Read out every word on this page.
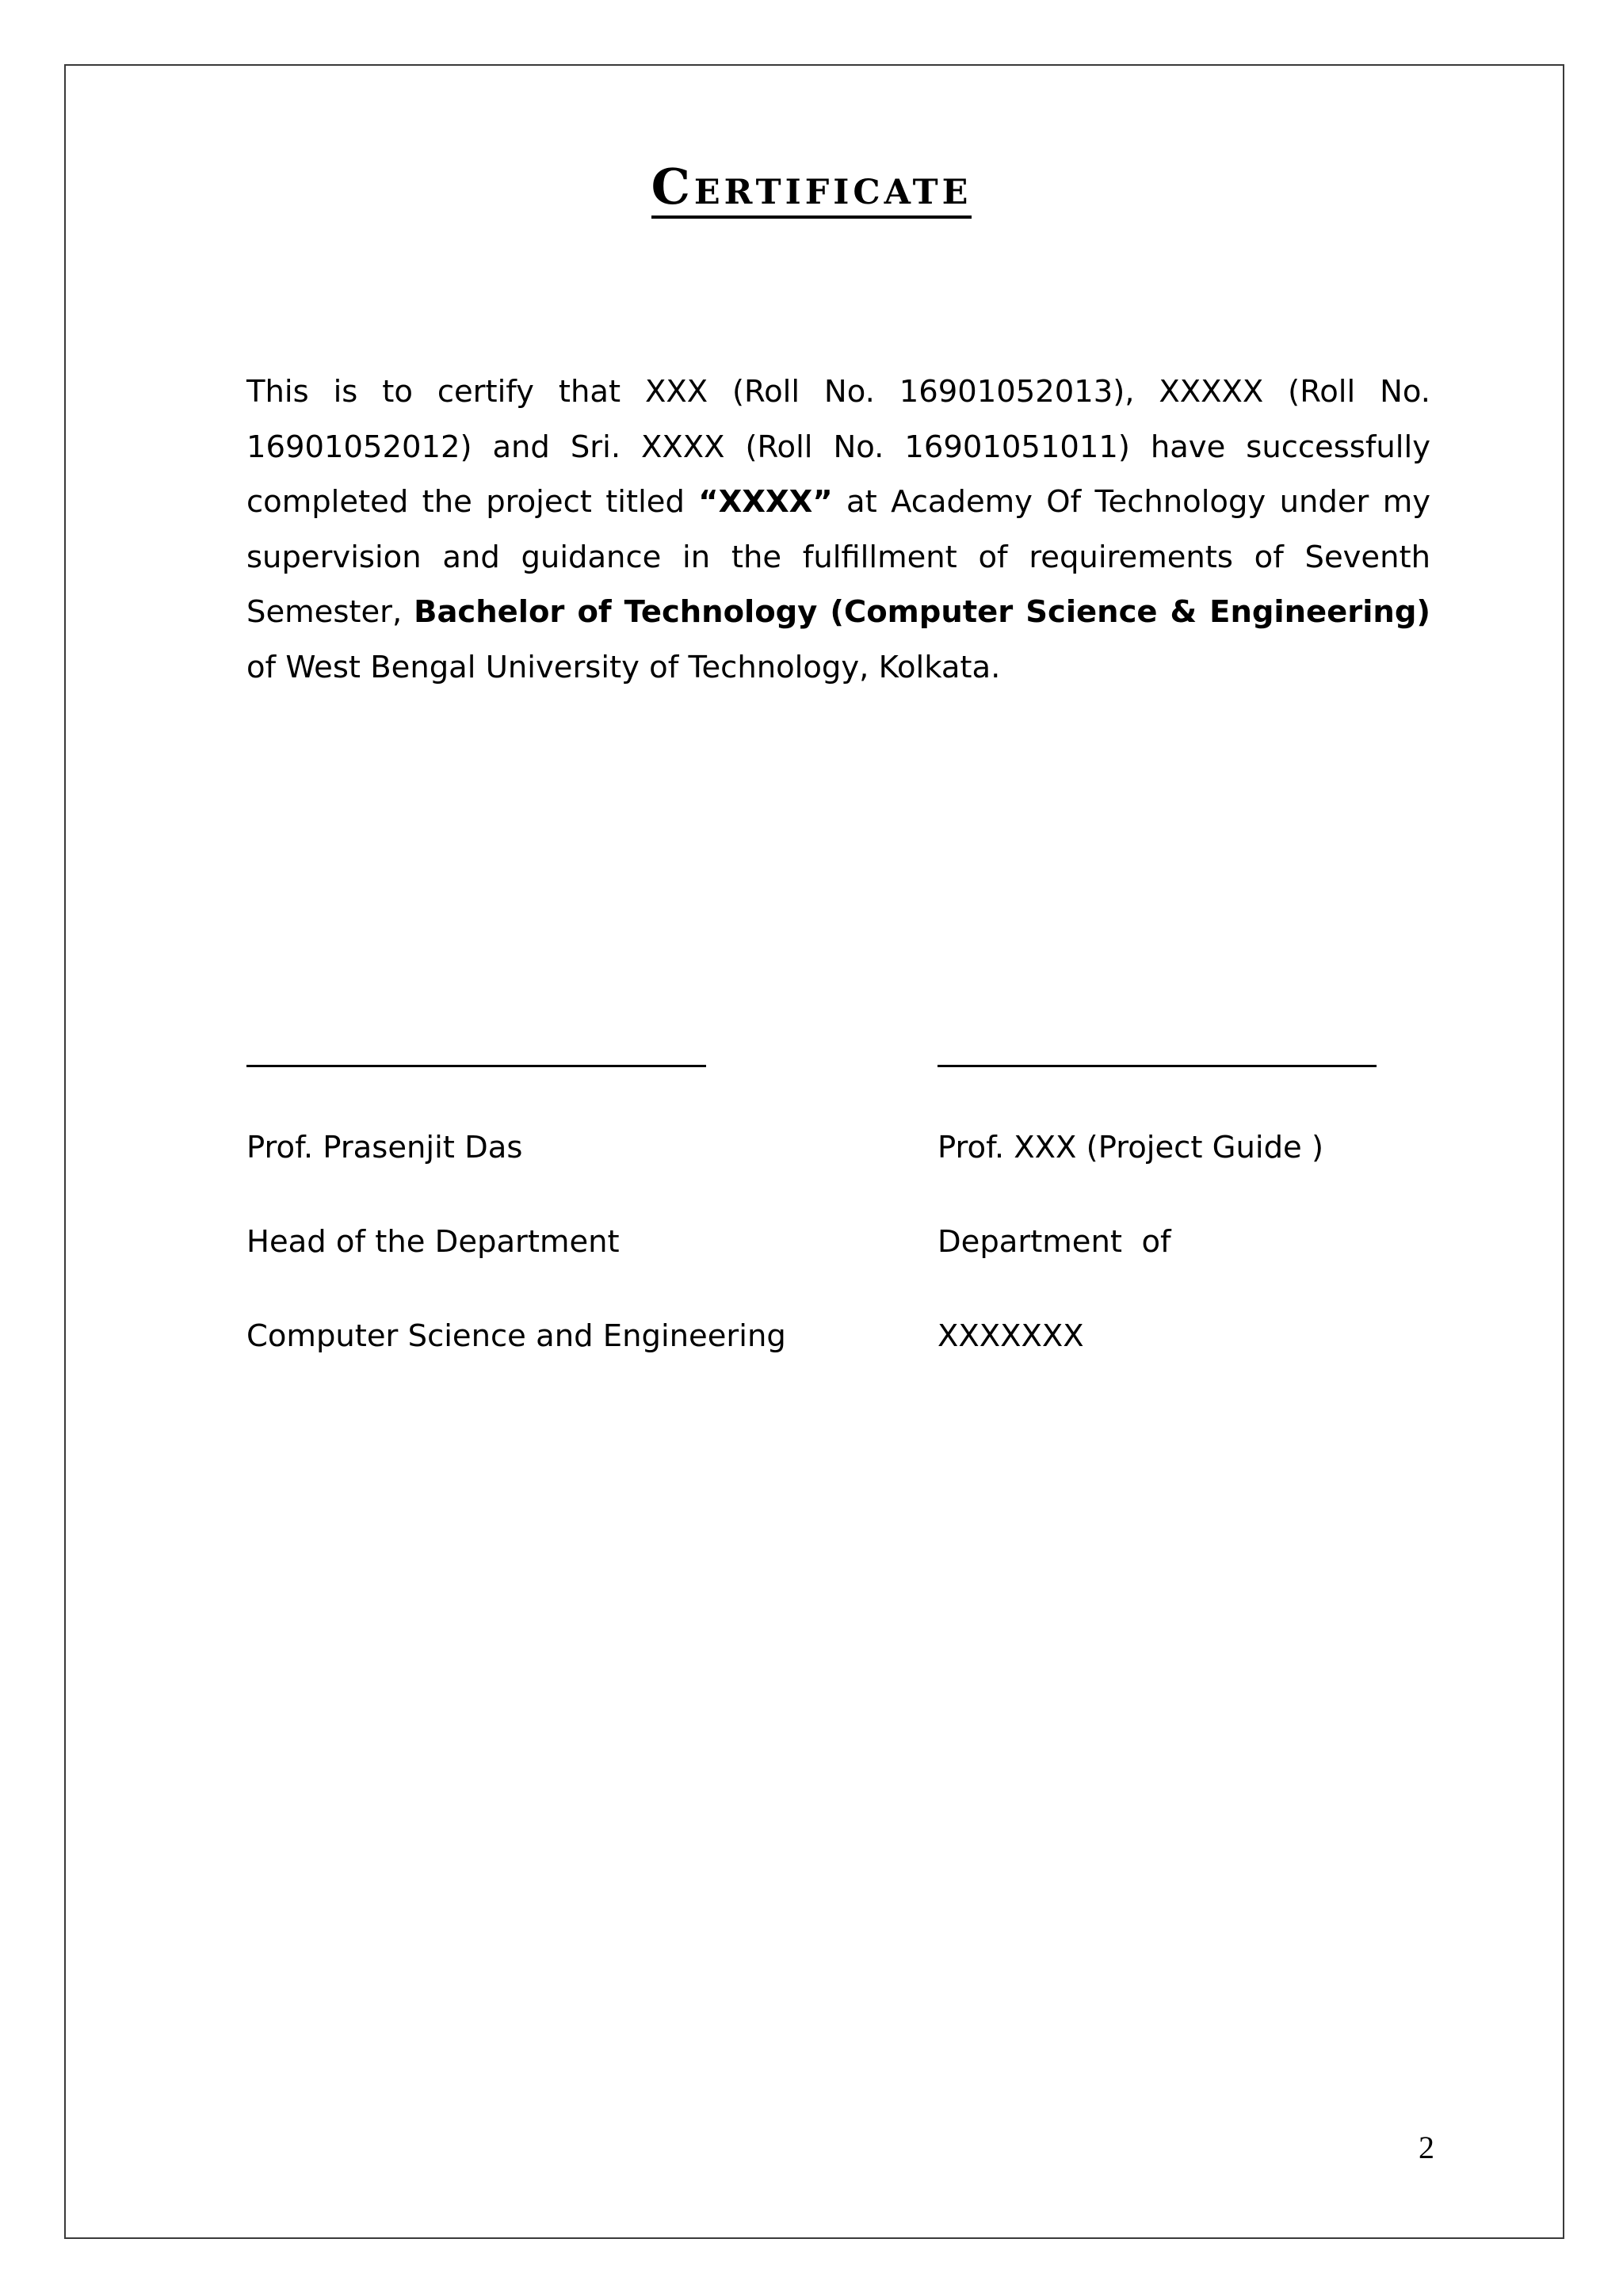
Certificate
This is to certify that XXX (Roll No. 16901052013), XXXXX (Roll No. 16901052012) and Sri. XXXX (Roll No. 16901051011) have successfully completed the project titled “XXXX” at Academy Of Technology under my supervision and guidance in the fulfillment of requirements of Seventh Semester, Bachelor of Technology (Computer Science & Engineering) of West Bengal University of Technology, Kolkata.
Prof. Prasenjit Das
Head of the Department
Computer Science and Engineering
Prof. XXX (Project Guide )
Department  of
XXXXXXX
2
